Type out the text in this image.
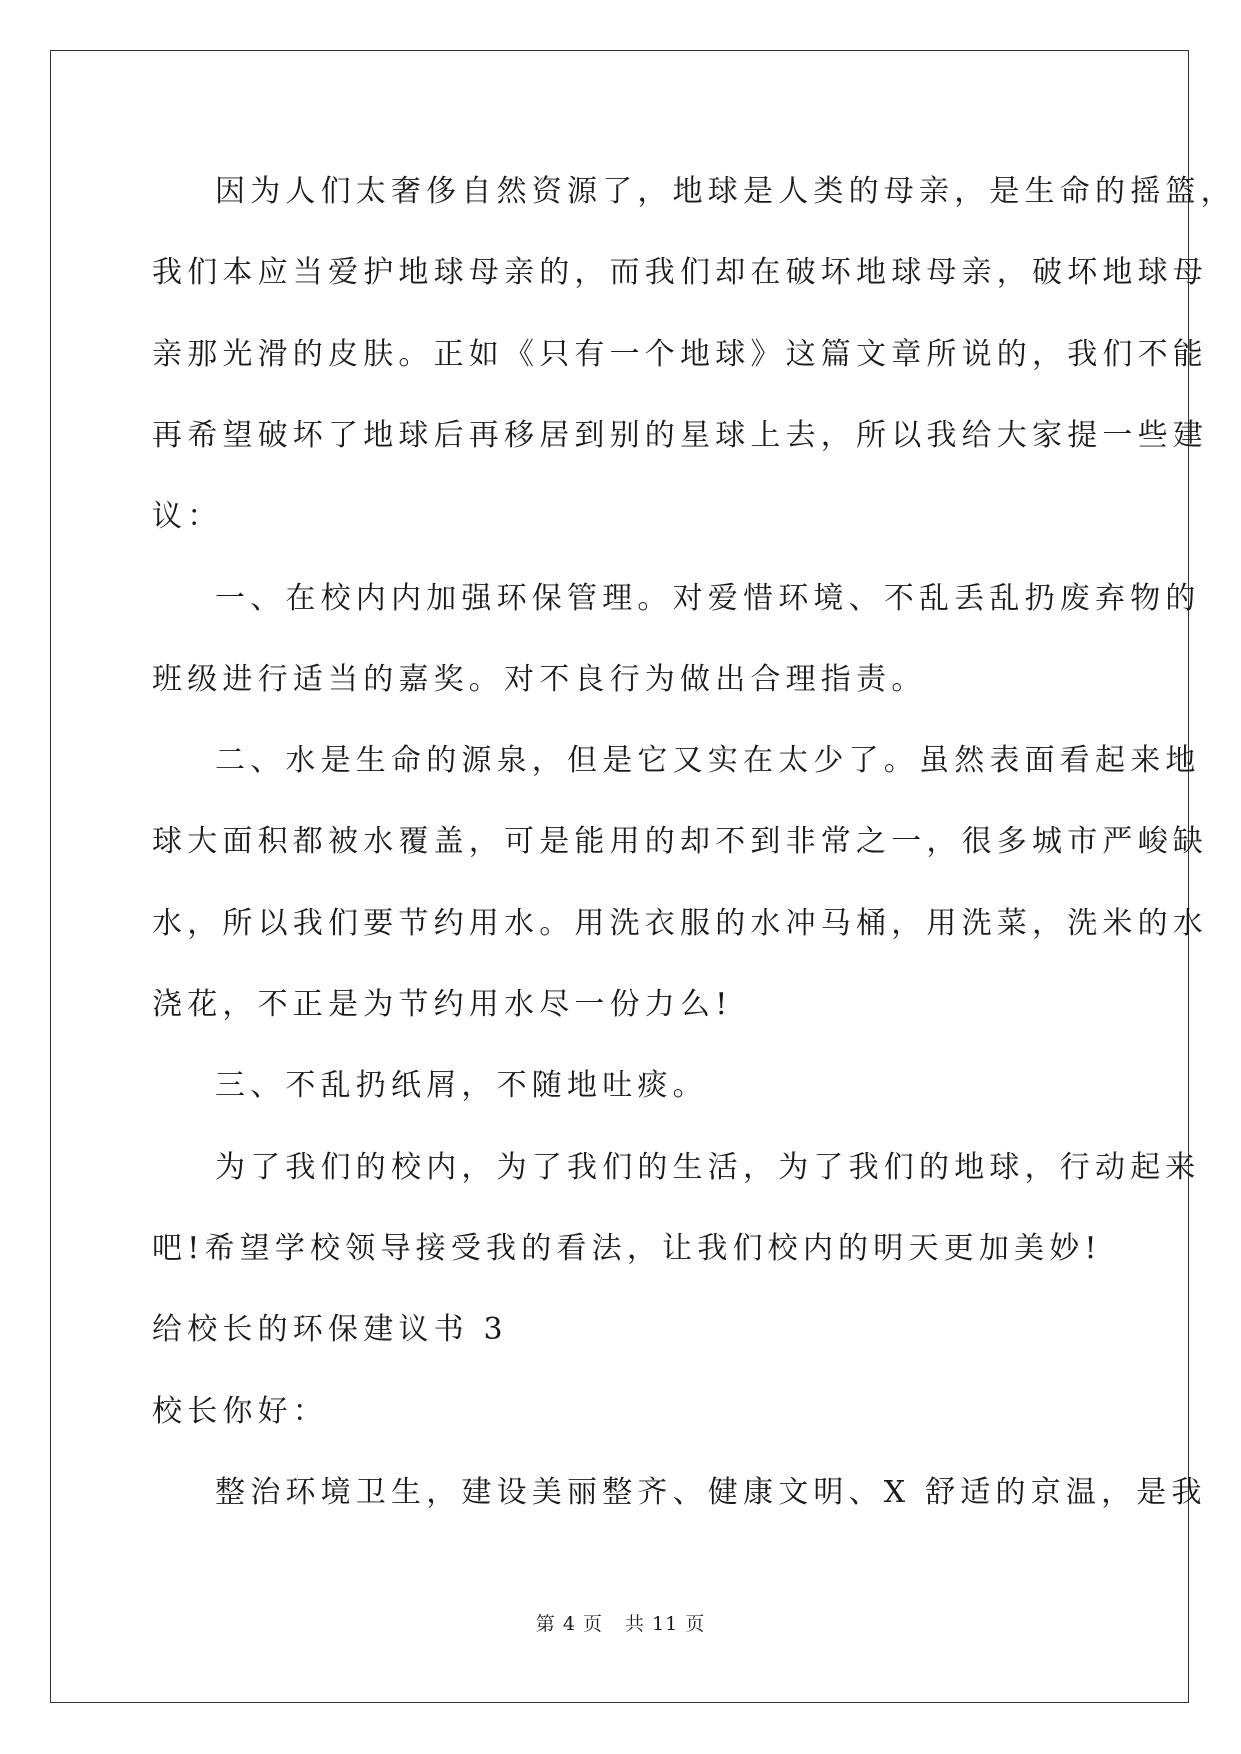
因为人们太奢侈自然资源了，地球是人类的母亲，是生命的摇篮，
我们本应当爱护地球母亲的，而我们却在破坏地球母亲，破坏地球母
亲那光滑的皮肤。正如《只有一个地球》这篇文章所说的，我们不能
再希望破坏了地球后再移居到别的星球上去，所以我给大家提一些建
议：
一、在校内内加强环保管理。对爱惜环境、不乱丢乱扔废弃物的
班级进行适当的嘉奖。对不良行为做出合理指责。
二、水是生命的源泉，但是它又实在太少了。虽然表面看起来地
球大面积都被水覆盖，可是能用的却不到非常之一，很多城市严峻缺
水，所以我们要节约用水。用洗衣服的水冲马桶，用洗菜，洗米的水
浇花，不正是为节约用水尽一份力么!
三、不乱扔纸屑，不随地吐痰。
为了我们的校内，为了我们的生活，为了我们的地球，行动起来
吧!希望学校领导接受我的看法，让我们校内的明天更加美妙!
给校长的环保建议书 3
校长你好：
整治环境卫生，建设美丽整齐、健康文明、X 舒适的京温，是我
第 4 页 共 11 页
